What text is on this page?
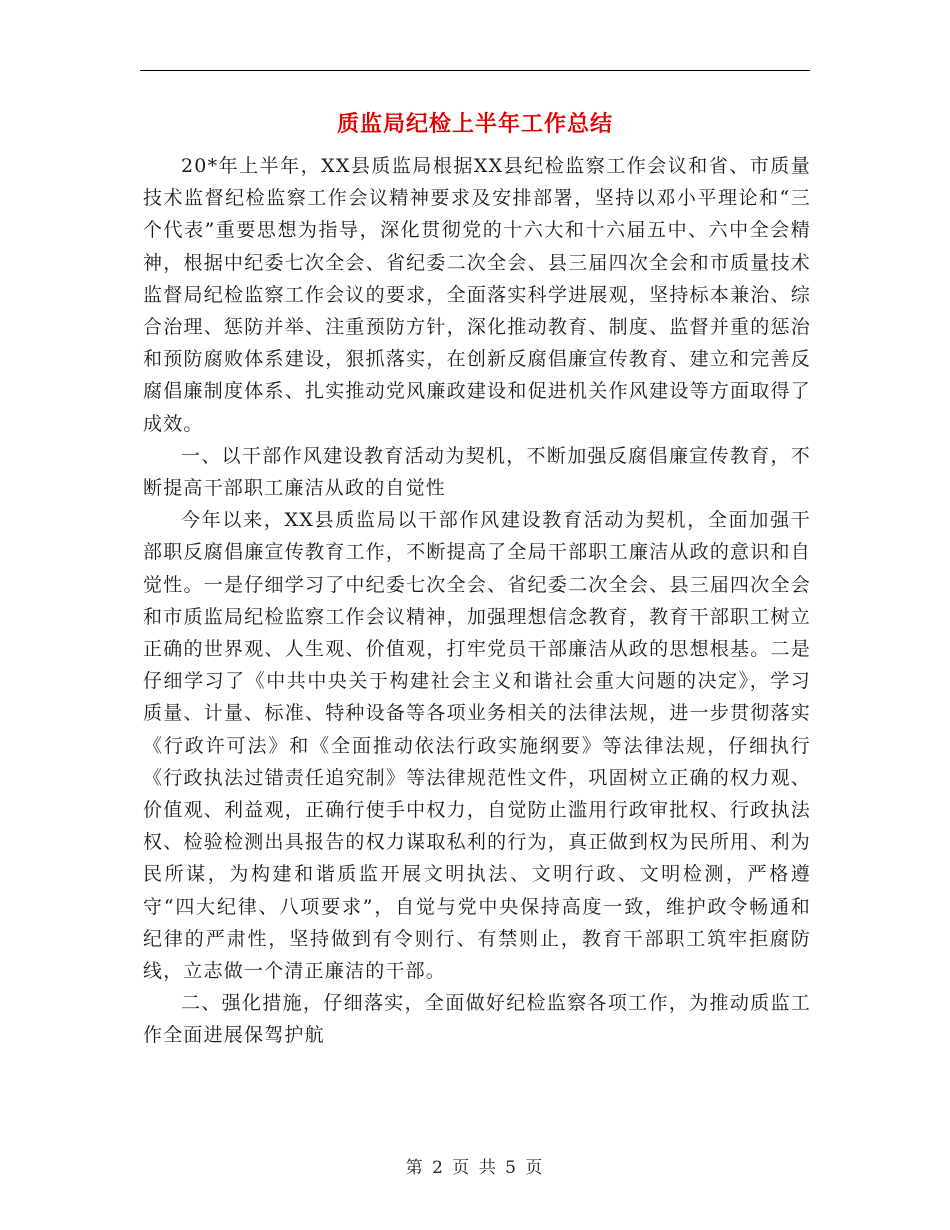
质监局纪检上半年工作总结

20*年上半年，XX县质监局根据XX县纪检监察工作会议和省、市质量技术监督纪检监察工作会议精神要求及安排部署，坚持以邓小平理论和“三个代表”重要思想为指导，深化贯彻党的十六大和十六届五中、六中全会精神，根据中纪委七次全会、省纪委二次全会、县三届四次全会和市质量技术监督局纪检监察工作会议的要求，全面落实科学进展观，坚持标本兼治、综合治理、惩防并举、注重预防方针，深化推动教育、制度、监督并重的惩治和预防腐败体系建设，狠抓落实，在创新反腐倡廉宣传教育、建立和完善反腐倡廉制度体系、扎实推动党风廉政建设和促进机关作风建设等方面取得了成效。

一、以干部作风建设教育活动为契机，不断加强反腐倡廉宣传教育，不断提高干部职工廉洁从政的自觉性

今年以来，XX县质监局以干部作风建设教育活动为契机，全面加强干部职反腐倡廉宣传教育工作，不断提高了全局干部职工廉洁从政的意识和自觉性。一是仔细学习了中纪委七次全会、省纪委二次全会、县三届四次全会和市质监局纪检监察工作会议精神，加强理想信念教育，教育干部职工树立正确的世界观、人生观、价值观，打牢党员干部廉洁从政的思想根基。二是仔细学习了《中共中央关于构建社会主义和谐社会重大问题的决定》，学习质量、计量、标准、特种设备等各项业务相关的法律法规，进一步贯彻落实《行政许可法》和《全面推动依法行政实施纲要》等法律法规，仔细执行《行政执法过错责任追究制》等法律规范性文件，巩固树立正确的权力观、价值观、利益观，正确行使手中权力，自觉防止滥用行政审批权、行政执法权、检验检测出具报告的权力谋取私利的行为，真正做到权为民所用、利为民所谋，为构建和谐质监开展文明执法、文明行政、文明检测，严格遵守“四大纪律、八项要求”，自觉与党中央保持高度一致，维护政令畅通和纪律的严肃性，坚持做到有令则行、有禁则止，教育干部职工筑牢拒腐防线，立志做一个清正廉洁的干部。

二、强化措施，仔细落实，全面做好纪检监察各项工作，为推动质监工作全面进展保驾护航

第 2 页 共 5 页
